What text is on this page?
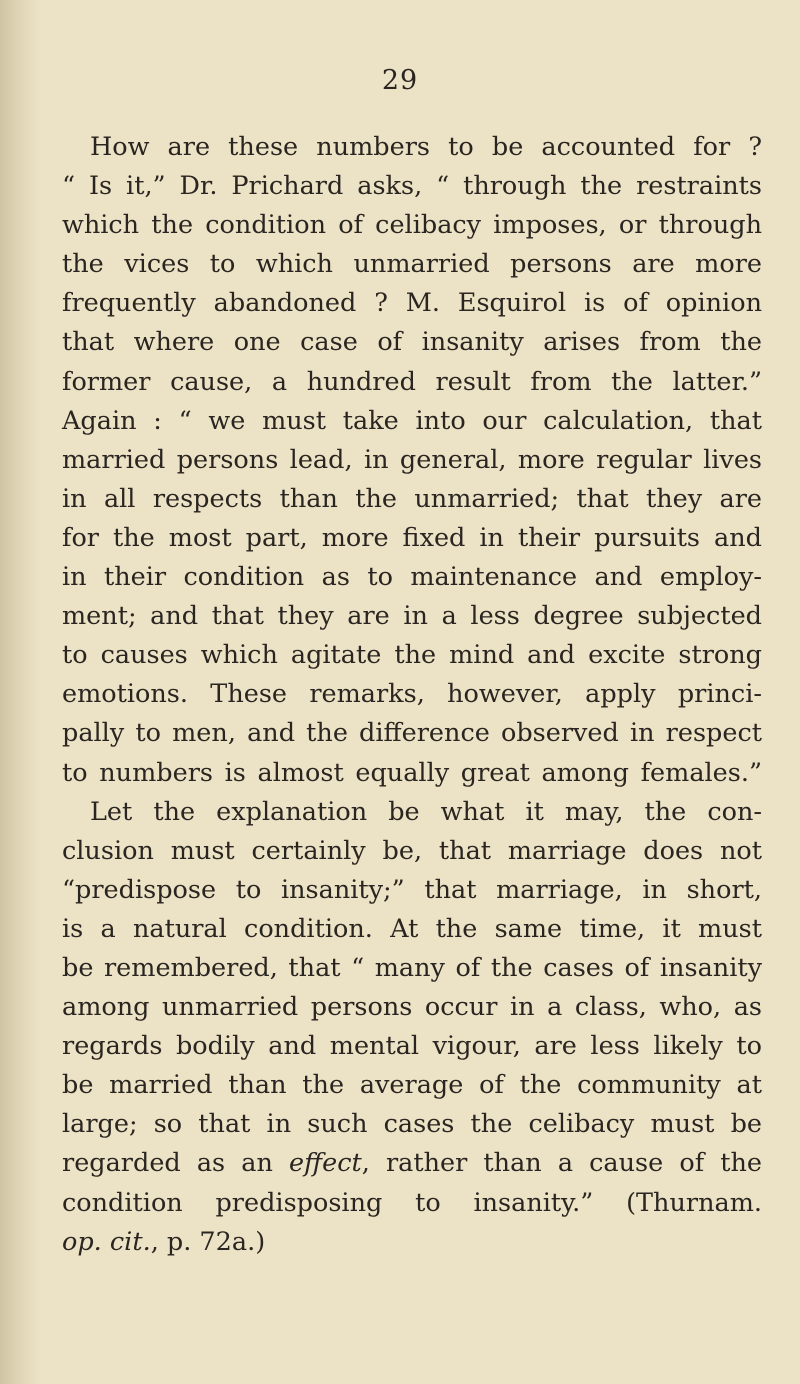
29
How are these numbers to be accounted for ?
“ Is it,” Dr. Prichard asks, “ through the restraints
which the condition of celibacy imposes, or through
the vices to which unmarried persons are more
frequently abandoned ? M. Esquirol is of opinion
that where one case of insanity arises from the
former cause, a hundred result from the latter.”
Again : “ we must take into our calculation, that
married persons lead, in general, more regular lives
in all respects than the unmarried; that they are
for the most part, more fixed in their pursuits and
in their condition as to maintenance and employ-
ment; and that they are in a less degree subjected
to causes which agitate the mind and excite strong
emotions. These remarks, however, apply princi-
pally to men, and the difference observed in respect
to numbers is almost equally great among females.”
Let the explanation be what it may, the con-
clusion must certainly be, that marriage does not
“predispose to insanity;” that marriage, in short,
is a natural condition. At the same time, it must
be remembered, that “ many of the cases of insanity
among unmarried persons occur in a class, who, as
regards bodily and mental vigour, are less likely to
be married than the average of the community at
large; so that in such cases the celibacy must be
regarded as an effect, rather than a cause of the
condition predisposing to insanity.” (Thurnam.
op. cit., p. 72a.)
